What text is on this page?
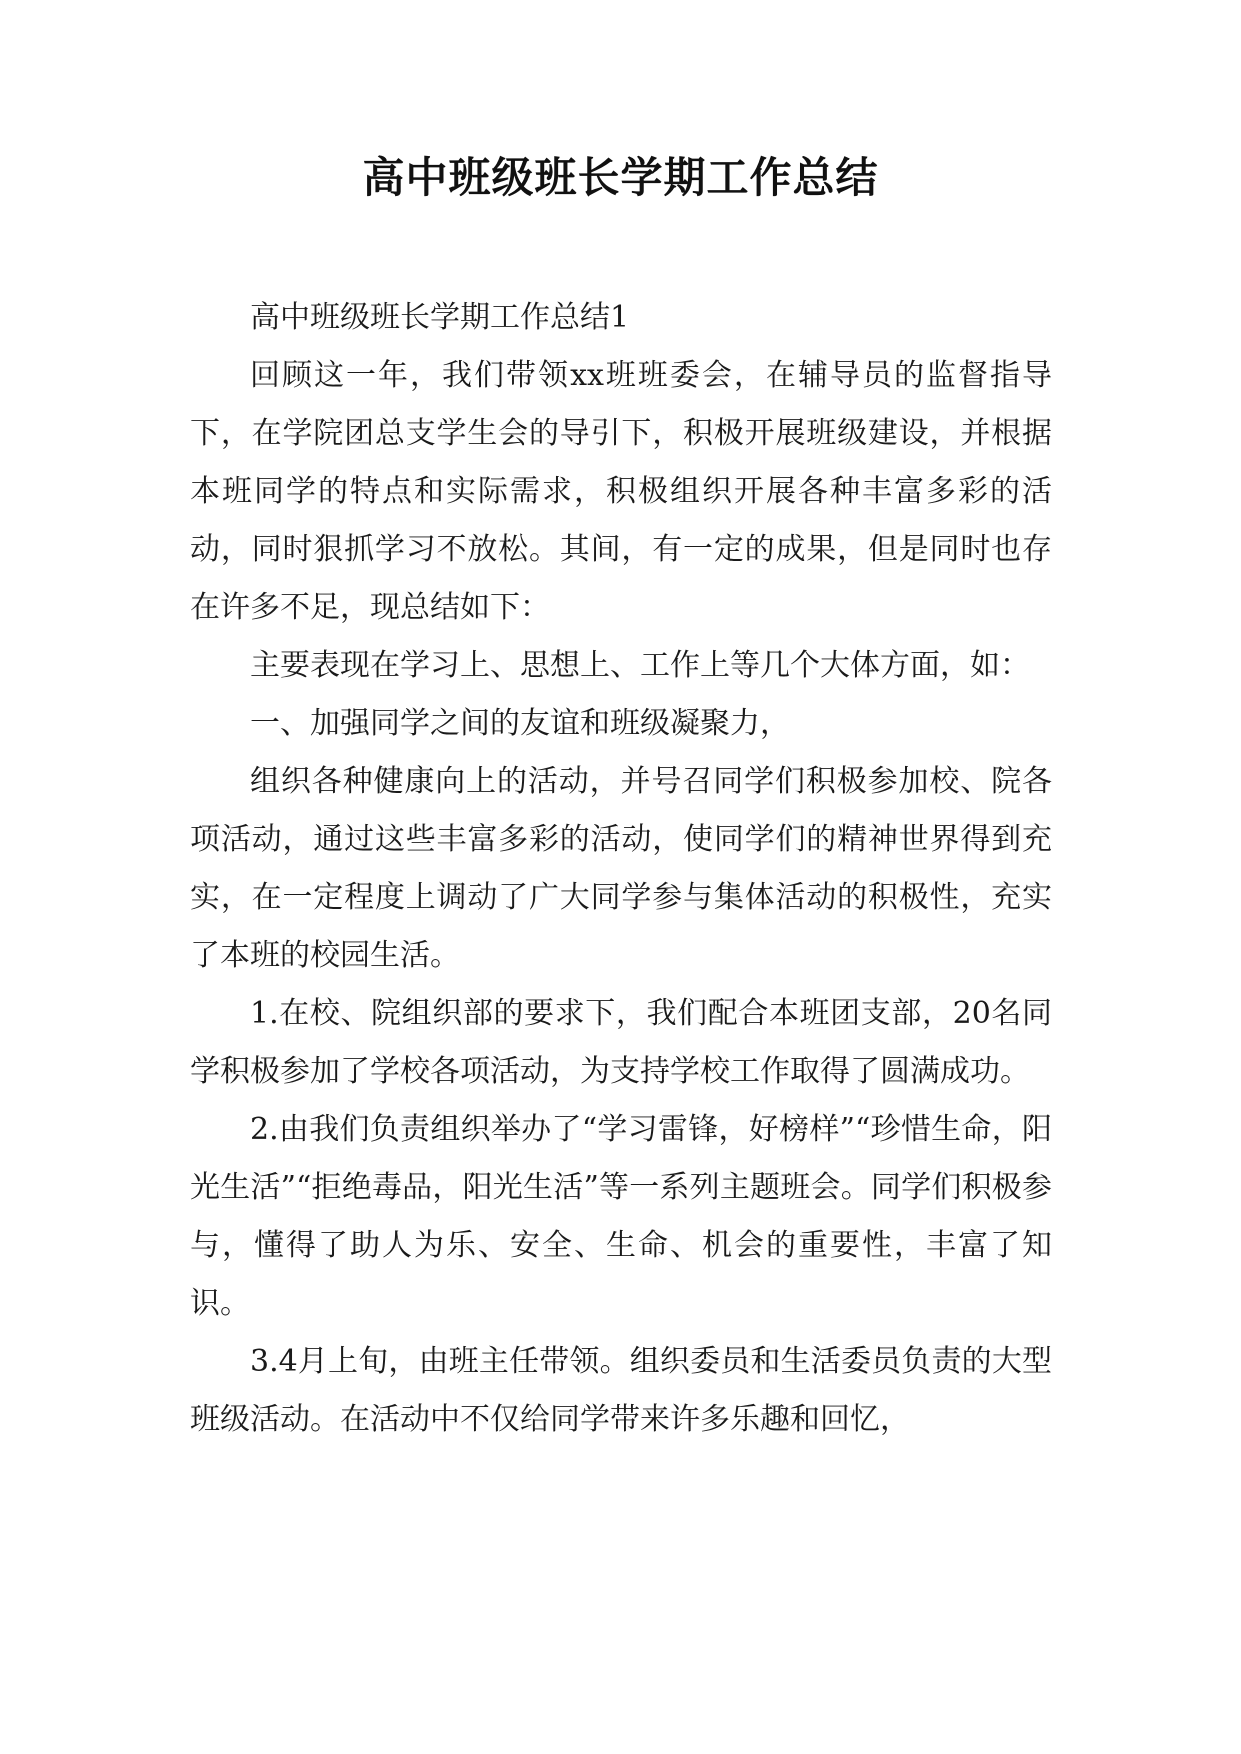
高中班级班长学期工作总结

高中班级班长学期工作总结1

回顾这一年，我们带领xx班班委会，在辅导员的监督指导下，在学院团总支学生会的导引下，积极开展班级建设，并根据本班同学的特点和实际需求，积极组织开展各种丰富多彩的活动，同时狠抓学习不放松。其间，有一定的成果，但是同时也存在许多不足，现总结如下：

主要表现在学习上、思想上、工作上等几个大体方面，如：

一、加强同学之间的友谊和班级凝聚力，

组织各种健康向上的活动，并号召同学们积极参加校、院各项活动，通过这些丰富多彩的活动，使同学们的精神世界得到充实，在一定程度上调动了广大同学参与集体活动的积极性，充实了本班的校园生活。

1.在校、院组织部的要求下，我们配合本班团支部，20名同学积极参加了学校各项活动，为支持学校工作取得了圆满成功。

2.由我们负责组织举办了“学习雷锋，好榜样”“珍惜生命，阳光生活”“拒绝毒品，阳光生活”等一系列主题班会。同学们积极参与，懂得了助人为乐、安全、生命、机会的重要性，丰富了知识。

3.4月上旬，由班主任带领。组织委员和生活委员负责的大型班级活动。在活动中不仅给同学带来许多乐趣和回忆，
